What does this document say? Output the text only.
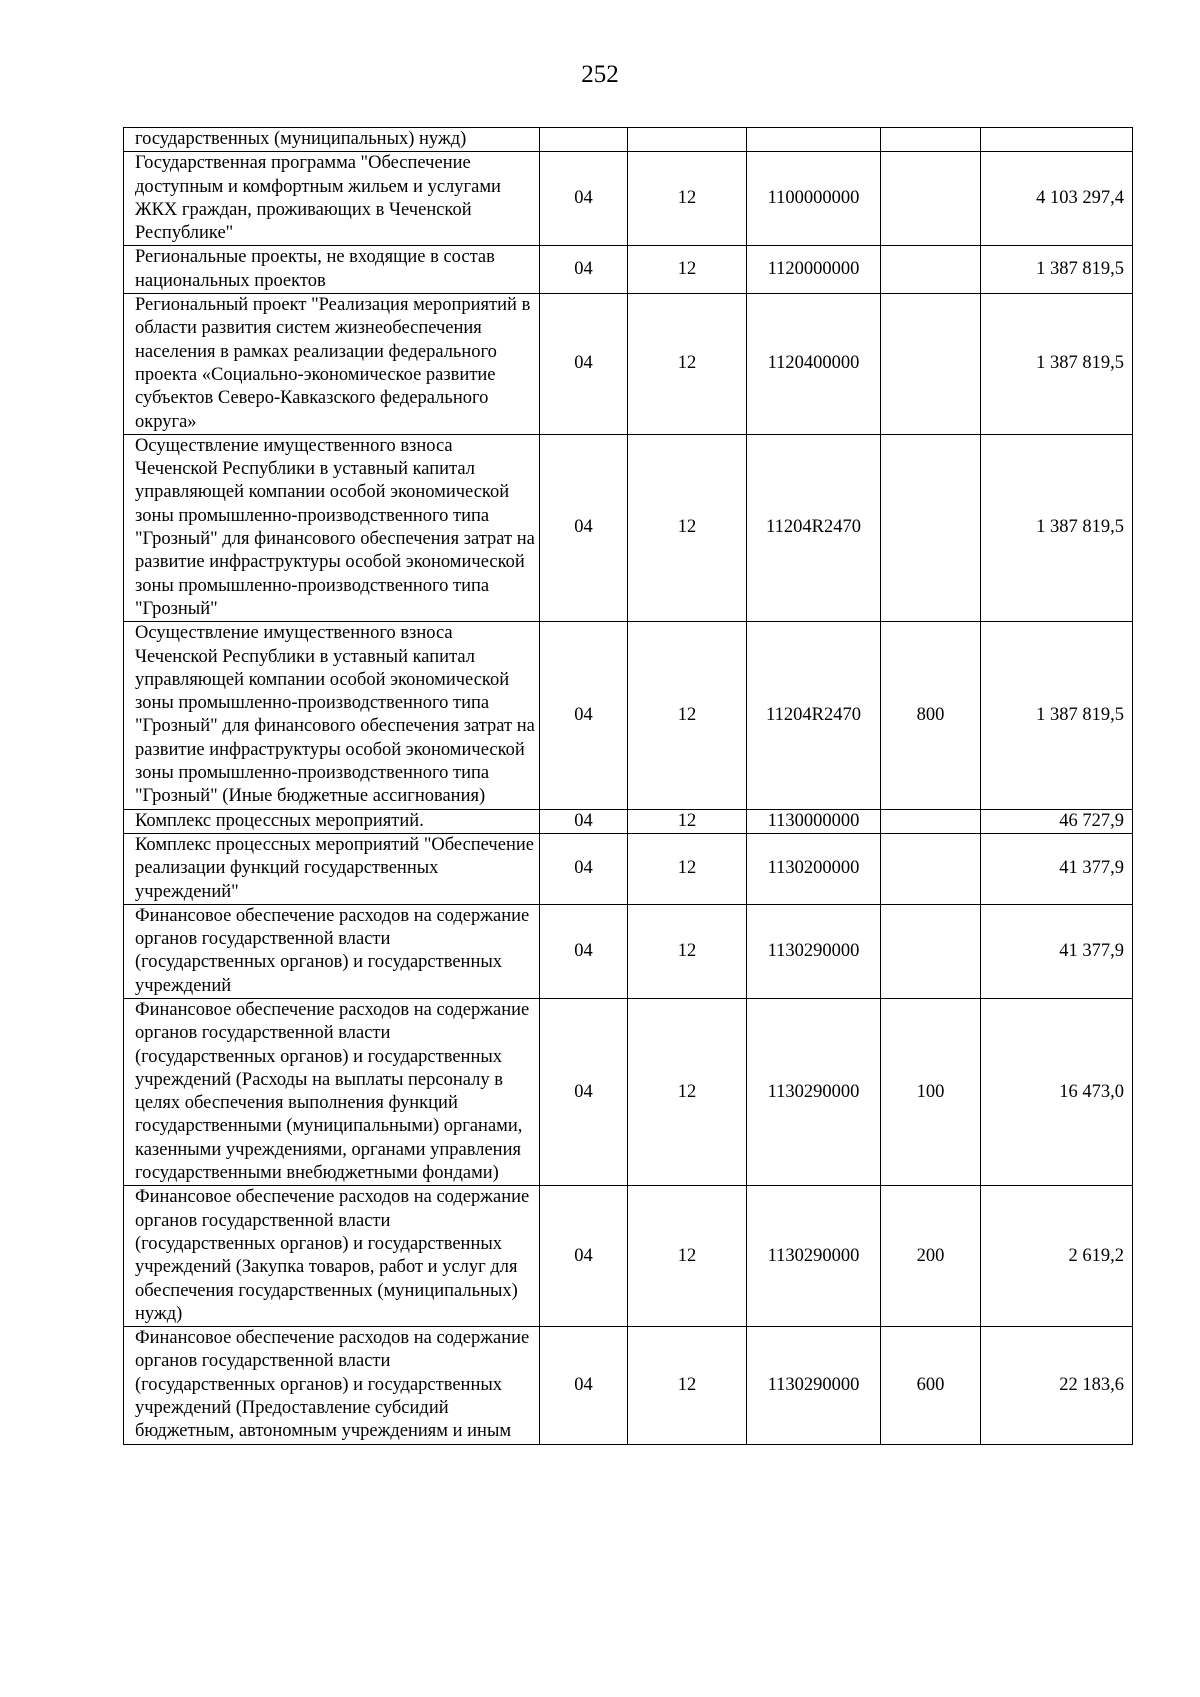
252
государственных (муниципальных) нужд)					
Государственная программа "Обеспечение доступным и комфортным жильем и услугами ЖКХ граждан, проживающих в Чеченской Республике"	04	12	1100000000		4 103 297,4
Региональные проекты, не входящие в состав национальных проектов	04	12	1120000000		1 387 819,5
Региональный проект "Реализация мероприятий в области развития систем жизнеобеспечения населения в рамках реализации федерального проекта «Социально-экономическое развитие субъектов Северо-Кавказского федерального округа»	04	12	1120400000		1 387 819,5
Осуществление имущественного взноса Чеченской Республики в уставный капитал управляющей компании особой экономической зоны промышленно-производственного типа "Грозный" для финансового обеспечения затрат на развитие инфраструктуры особой экономической зоны промышленно-производственного типа "Грозный"	04	12	11204R2470		1 387 819,5
Осуществление имущественного взноса Чеченской Республики в уставный капитал управляющей компании особой экономической зоны промышленно-производственного типа "Грозный" для финансового обеспечения затрат на развитие инфраструктуры особой экономической зоны промышленно-производственного типа "Грозный" (Иные бюджетные ассигнования)	04	12	11204R2470	800	1 387 819,5
Комплекс процессных мероприятий.	04	12	1130000000		46 727,9
Комплекс процессных мероприятий "Обеспечение реализации функций государственных учреждений"	04	12	1130200000		41 377,9
Финансовое обеспечение расходов на содержание органов государственной власти (государственных органов) и государственных учреждений	04	12	1130290000		41 377,9
Финансовое обеспечение расходов на содержание органов государственной власти (государственных органов) и государственных учреждений (Расходы на выплаты персоналу в целях обеспечения выполнения функций государственными (муниципальными) органами, казенными учреждениями, органами управления государственными внебюджетными фондами)	04	12	1130290000	100	16 473,0
Финансовое обеспечение расходов на содержание органов государственной власти (государственных органов) и государственных учреждений (Закупка товаров, работ и услуг для обеспечения государственных (муниципальных) нужд)	04	12	1130290000	200	2 619,2
Финансовое обеспечение расходов на содержание органов государственной власти (государственных органов) и государственных учреждений (Предоставление субсидий бюджетным, автономным учреждениям и иным	04	12	1130290000	600	22 183,6
